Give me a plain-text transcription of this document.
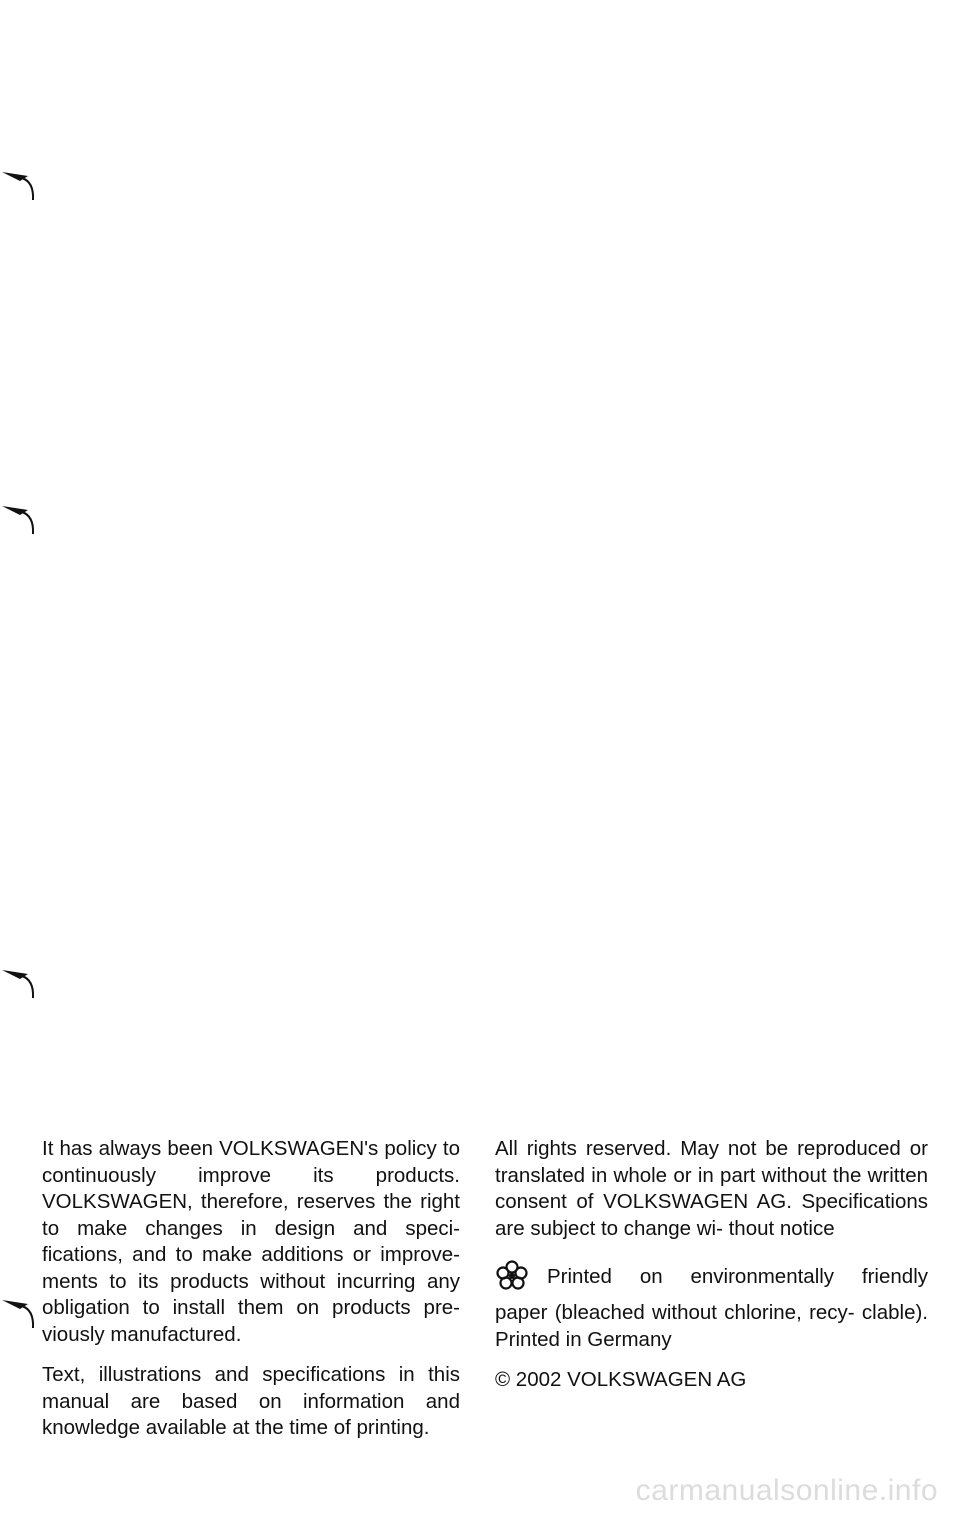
It has always been VOLKSWAGEN's policy to continuously improve its products. VOLKSWAGEN, therefore, reserves the right to make changes in design and speci- fications, and to make additions or improve- ments to its products without incurring any obligation to install them on products pre- viously manufactured.

Text, illustrations and specifications in this manual are based on information and knowledge available at the time of printing.

All rights reserved. May not be reproduced or translated in whole or in part without the written consent of VOLKSWAGEN AG. Specifications are subject to change wi- thout notice

Printed on environmentally friendly

paper (bleached without chlorine, recy- clable). Printed in Germany

© 2002 VOLKSWAGEN AG

carmanualsonline.info
